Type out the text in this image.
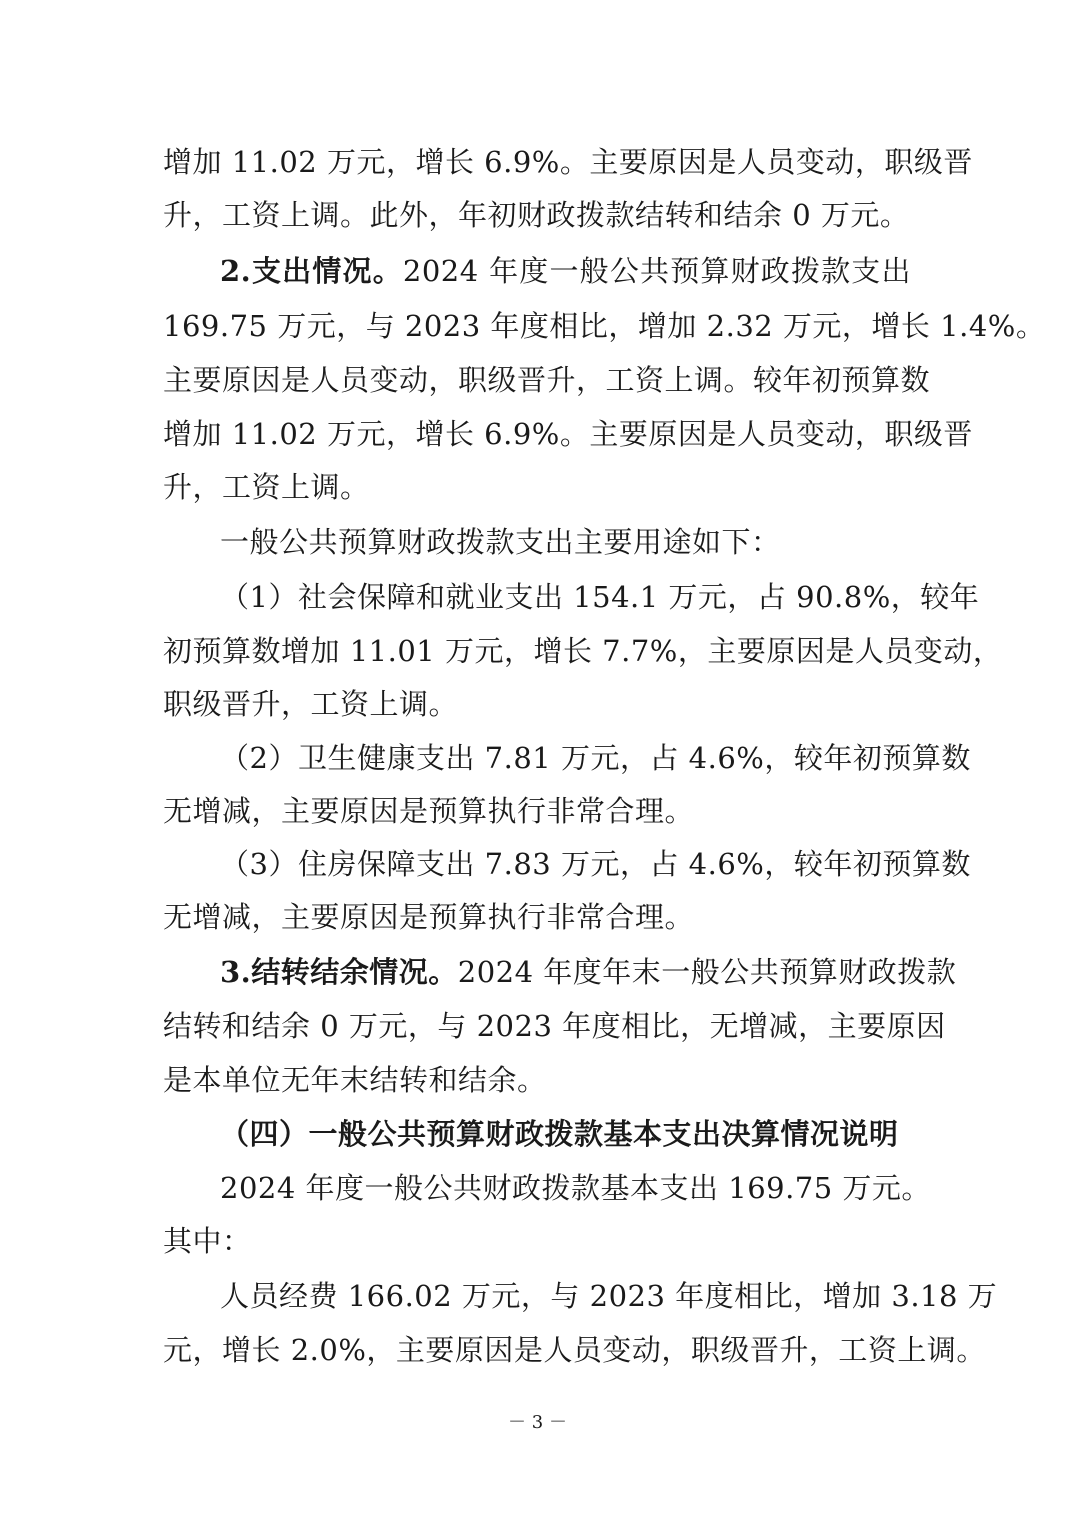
增加 11.02 万元，增长 6.9%。主要原因是人员变动，职级晋
升，工资上调。此外，年初财政拨款结转和结余 0 万元。
2.支出情况。2024 年度一般公共预算财政拨款支出
169.75 万元，与 2023 年度相比，增加 2.32 万元，增长 1.4%。
主要原因是人员变动，职级晋升，工资上调。较年初预算数
增加 11.02 万元，增长 6.9%。主要原因是人员变动，职级晋
升，工资上调。
一般公共预算财政拨款支出主要用途如下：
（1）社会保障和就业支出 154.1 万元，占 90.8%，较年
初预算数增加 11.01 万元，增长 7.7%，主要原因是人员变动，
职级晋升，工资上调。
（2）卫生健康支出 7.81 万元，占 4.6%，较年初预算数
无增减，主要原因是预算执行非常合理。
（3）住房保障支出 7.83 万元，占 4.6%，较年初预算数
无增减，主要原因是预算执行非常合理。
3.结转结余情况。2024 年度年末一般公共预算财政拨款
结转和结余 0 万元，与 2023 年度相比，无增减，主要原因
是本单位无年末结转和结余。
（四）一般公共预算财政拨款基本支出决算情况说明
2024 年度一般公共财政拨款基本支出 169.75 万元。
其中：
人员经费 166.02 万元，与 2023 年度相比，增加 3.18 万
元，增长 2.0%，主要原因是人员变动，职级晋升，工资上调。
－ 3 －
